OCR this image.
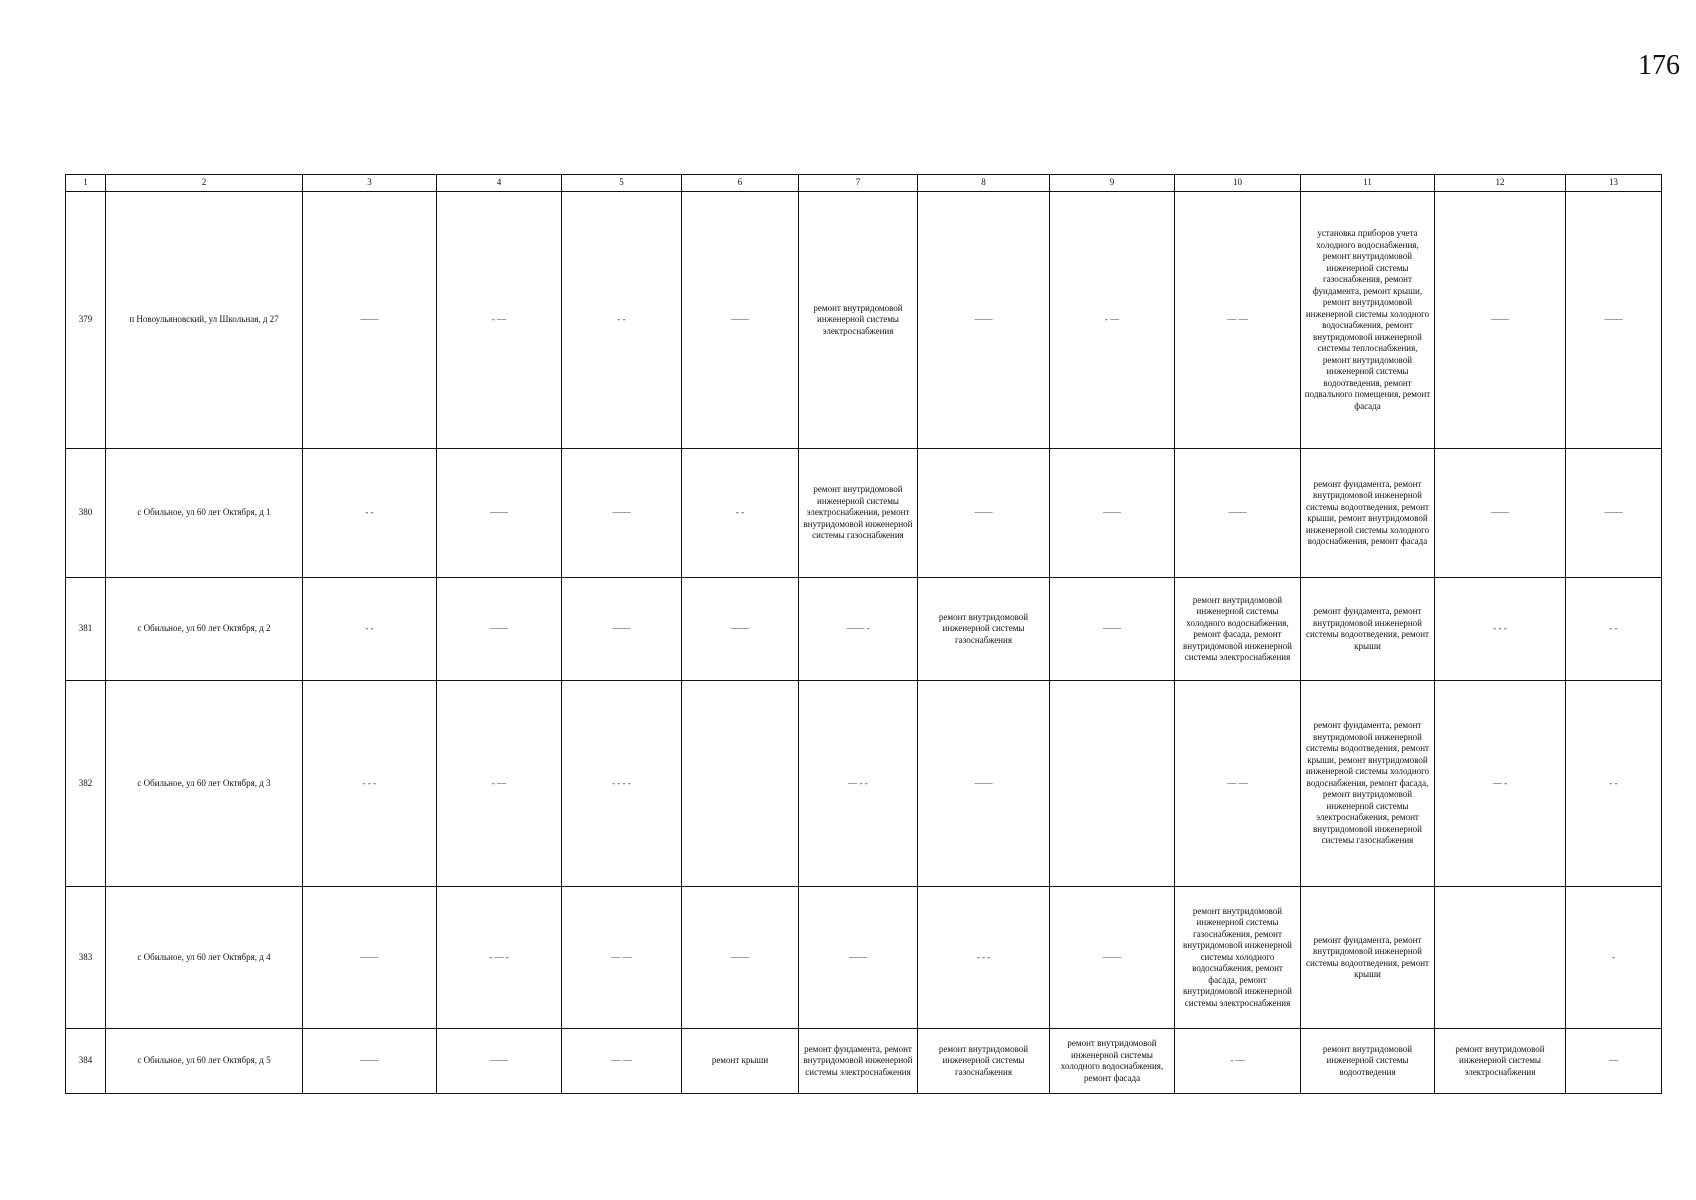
176
1	2	3	4	5	6	7	8	9	10	11	12	13
379	п Новоульяновский, ул Школьная, д 27	——	- —	- -	——	ремонт внутридомовой инженерной системы электроснабжения	——	- —	— —	установка приборов учета холодного водоснабжения, ремонт внутридомовой инженерной системы газоснабжения, ремонт фундамента, ремонт крыши, ремонт внутридомовой инженерной системы холодного водоснабжения, ремонт внутридомовой инженерной системы теплоснабжения, ремонт внутридомовой инженерной системы водоотведения, ремонт подвального помещения, ремонт фасада	——	——
380	с Обильное, ул 60 лет Октября, д 1	- -	——	——	- -	ремонт внутридомовой инженерной системы электроснабжения, ремонт внутридомовой инженерной системы газоснабжения	——	——	——	ремонт фундамента, ремонт внутридомовой инженерной системы водоотведения, ремонт крыши, ремонт внутридомовой инженерной системы холодного водоснабжения, ремонт фасада	——	——
381	с Обильное, ул 60 лет Октября, д 2	- -	——	——	——	—— -	ремонт внутридомовой инженерной системы газоснабжения	——	ремонт внутридомовой инженерной системы холодного водоснабжения, ремонт фасада, ремонт внутридомовой инженерной системы электроснабжения	ремонт фундамента, ремонт внутридомовой инженерной системы водоотведения, ремонт крыши	- - -	- -
382	с Обильное, ул 60 лет Октября, д 3	- - -	- —	- - - -		— - -	——		— —	ремонт фундамента, ремонт внутридомовой инженерной системы водоотведения, ремонт крыши, ремонт внутридомовой инженерной системы холодного водоснабжения, ремонт фасада, ремонт внутридомовой инженерной системы электроснабжения, ремонт внутридомовой инженерной системы газоснабжения	— -	- -
383	с Обильное, ул 60 лет Октября, д 4	——	- — -	— —	——	——	- - -	——	ремонт внутридомовой инженерной системы газоснабжения, ремонт внутридомовой инженерной системы холодного водоснабжения, ремонт фасада, ремонт внутридомовой инженерной системы электроснабжения	ремонт фундамента, ремонт внутридомовой инженерной системы водоотведения, ремонт крыши		-
384	с Обильное, ул 60 лет Октября, д 5	——	——	— —	ремонт крыши	ремонт фундамента, ремонт внутридомовой инженерной системы электроснабжения	ремонт внутридомовой инженерной системы газоснабжения	ремонт внутридомовой инженерной системы холодного водоснабжения, ремонт фасада	- —	ремонт внутридомовой инженерной системы водоотведения	ремонт внутридомовой инженерной системы электроснабжения	—
